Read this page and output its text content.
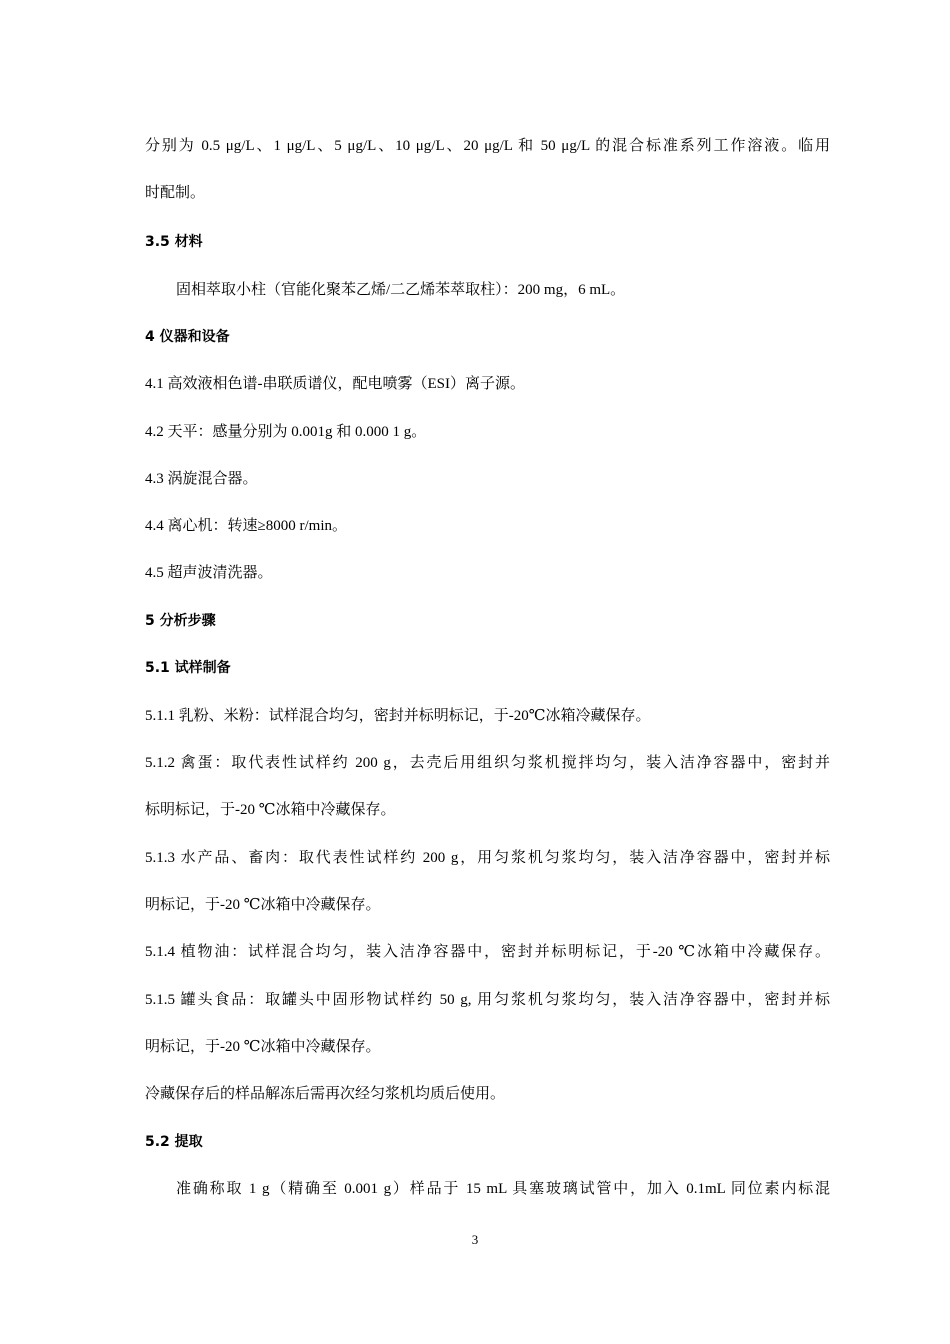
分别为 0.5 μg/L、1 μg/L、5 μg/L、10 μg/L、20 μg/L 和 50 μg/L 的混合标准系列工作溶液。临用
时配制。
3.5 材料
固相萃取小柱（官能化聚苯乙烯/二乙烯苯萃取柱）：200 mg，6 mL。
4 仪器和设备
4.1 高效液相色谱-串联质谱仪，配电喷雾（ESI）离子源。
4.2 天平：感量分别为 0.001g 和 0.000 1 g。
4.3 涡旋混合器。
4.4 离心机：转速≥8000 r/min。
4.5 超声波清洗器。
5 分析步骤
5.1 试样制备
5.1.1 乳粉、米粉：试样混合均匀，密封并标明标记，于-20℃冰箱冷藏保存。
5.1.2 禽蛋：取代表性试样约 200 g，去壳后用组织匀浆机搅拌均匀，装入洁净容器中，密封并
标明标记，于-20 ℃冰箱中冷藏保存。
5.1.3 水产品、畜肉：取代表性试样约 200 g，用匀浆机匀浆均匀，装入洁净容器中，密封并标
明标记，于-20 ℃冰箱中冷藏保存。
5.1.4 植物油：试样混合均匀，装入洁净容器中，密封并标明标记，于-20 ℃冰箱中冷藏保存。
5.1.5 罐头食品：取罐头中固形物试样约 50 g, 用匀浆机匀浆均匀，装入洁净容器中，密封并标
明标记，于-20 ℃冰箱中冷藏保存。
冷藏保存后的样品解冻后需再次经匀浆机均质后使用。
5.2 提取
准确称取 1 g（精确至 0.001 g）样品于 15 mL 具塞玻璃试管中，加入 0.1mL 同位素内标混
3
